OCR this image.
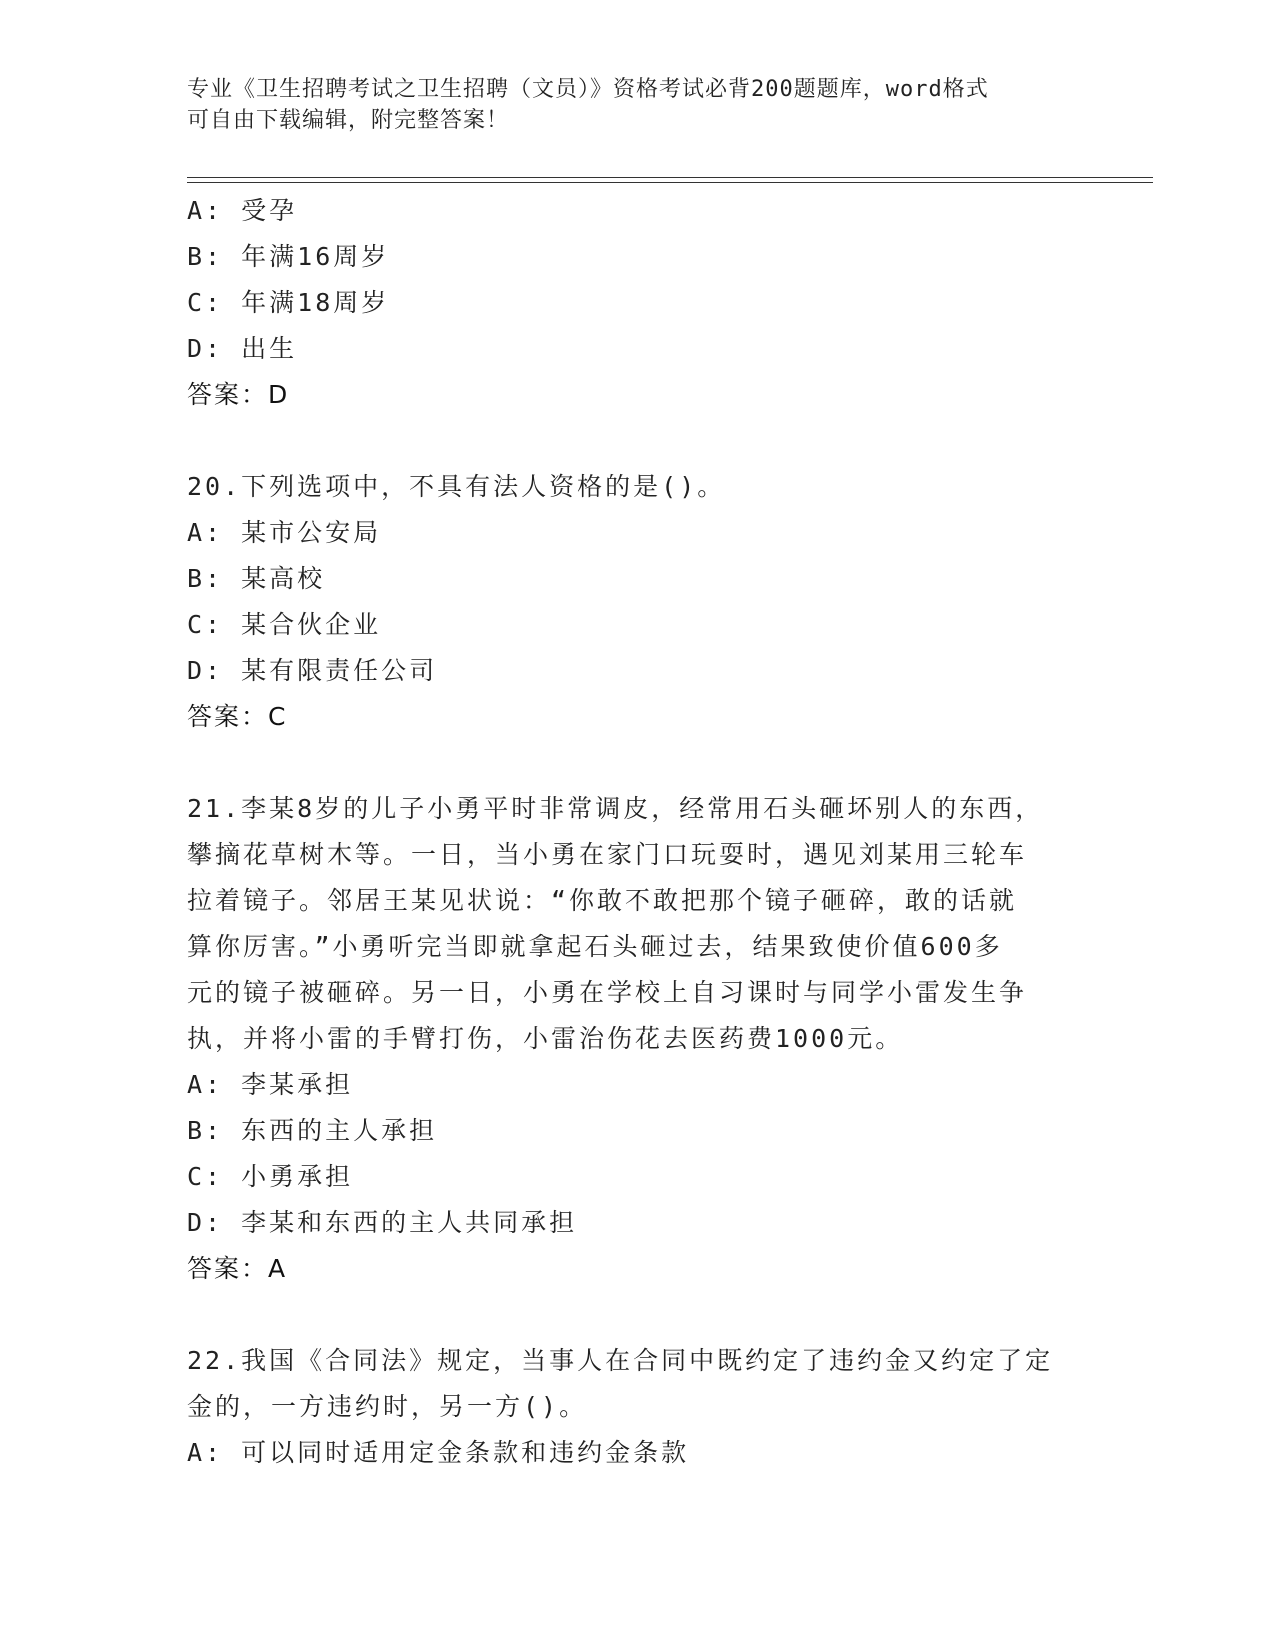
专业《卫生招聘考试之卫生招聘（文员）》资格考试必背200题题库，word格式
可自由下载编辑，附完整答案！
A: 受孕
B: 年满16周岁
C: 年满18周岁
D: 出生
答案：D
20.下列选项中，不具有法人资格的是()。
A: 某市公安局
B: 某高校
C: 某合伙企业
D: 某有限责任公司
答案：C
21.李某8岁的儿子小勇平时非常调皮，经常用石头砸坏别人的东西，
攀摘花草树木等。一日，当小勇在家门口玩耍时，遇见刘某用三轮车
拉着镜子。邻居王某见状说：“你敢不敢把那个镜子砸碎，敢的话就
算你厉害。”小勇听完当即就拿起石头砸过去，结果致使价值600多
元的镜子被砸碎。另一日，小勇在学校上自习课时与同学小雷发生争
执，并将小雷的手臂打伤，小雷治伤花去医药费1000元。
A: 李某承担
B: 东西的主人承担
C: 小勇承担
D: 李某和东西的主人共同承担
答案：A
22.我国《合同法》规定，当事人在合同中既约定了违约金又约定了定
金的，一方违约时，另一方()。
A: 可以同时适用定金条款和违约金条款
